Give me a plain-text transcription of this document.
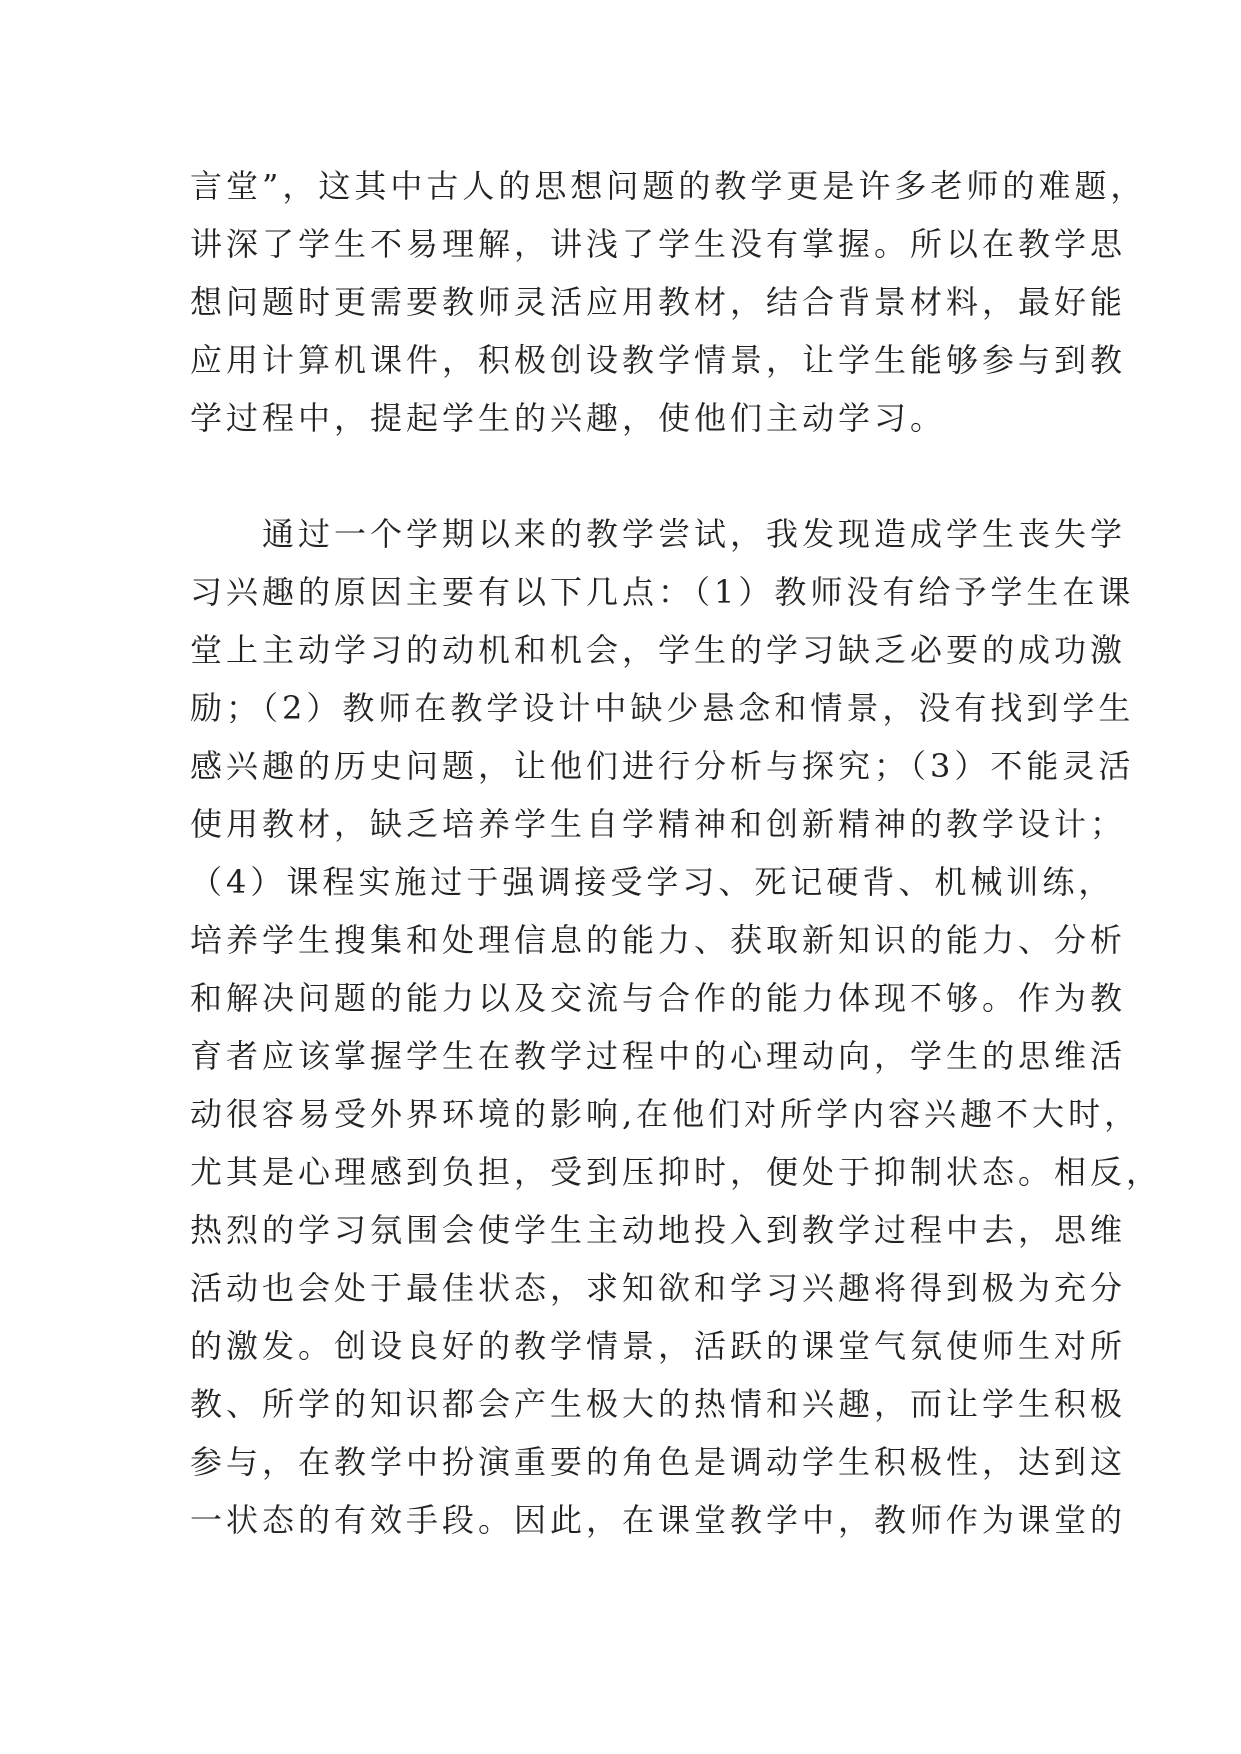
言堂”，这其中古人的思想问题的教学更是许多老师的难题，
讲深了学生不易理解，讲浅了学生没有掌握。所以在教学思
想问题时更需要教师灵活应用教材，结合背景材料，最好能
应用计算机课件，积极创设教学情景，让学生能够参与到教
学过程中，提起学生的兴趣，使他们主动学习。
通过一个学期以来的教学尝试，我发现造成学生丧失学
习兴趣的原因主要有以下几点：（1）教师没有给予学生在课
堂上主动学习的动机和机会，学生的学习缺乏必要的成功激
励；（2）教师在教学设计中缺少悬念和情景，没有找到学生
感兴趣的历史问题，让他们进行分析与探究；（3）不能灵活
使用教材，缺乏培养学生自学精神和创新精神的教学设计；
（4）课程实施过于强调接受学习、死记硬背、机械训练，
培养学生搜集和处理信息的能力、获取新知识的能力、分析
和解决问题的能力以及交流与合作的能力体现不够。作为教
育者应该掌握学生在教学过程中的心理动向，学生的思维活
动很容易受外界环境的影响,在他们对所学内容兴趣不大时，
尤其是心理感到负担，受到压抑时，便处于抑制状态。相反，
热烈的学习氛围会使学生主动地投入到教学过程中去，思维
活动也会处于最佳状态，求知欲和学习兴趣将得到极为充分
的激发。创设良好的教学情景，活跃的课堂气氛使师生对所
教、所学的知识都会产生极大的热情和兴趣，而让学生积极
参与，在教学中扮演重要的角色是调动学生积极性，达到这
一状态的有效手段。因此，在课堂教学中，教师作为课堂的
